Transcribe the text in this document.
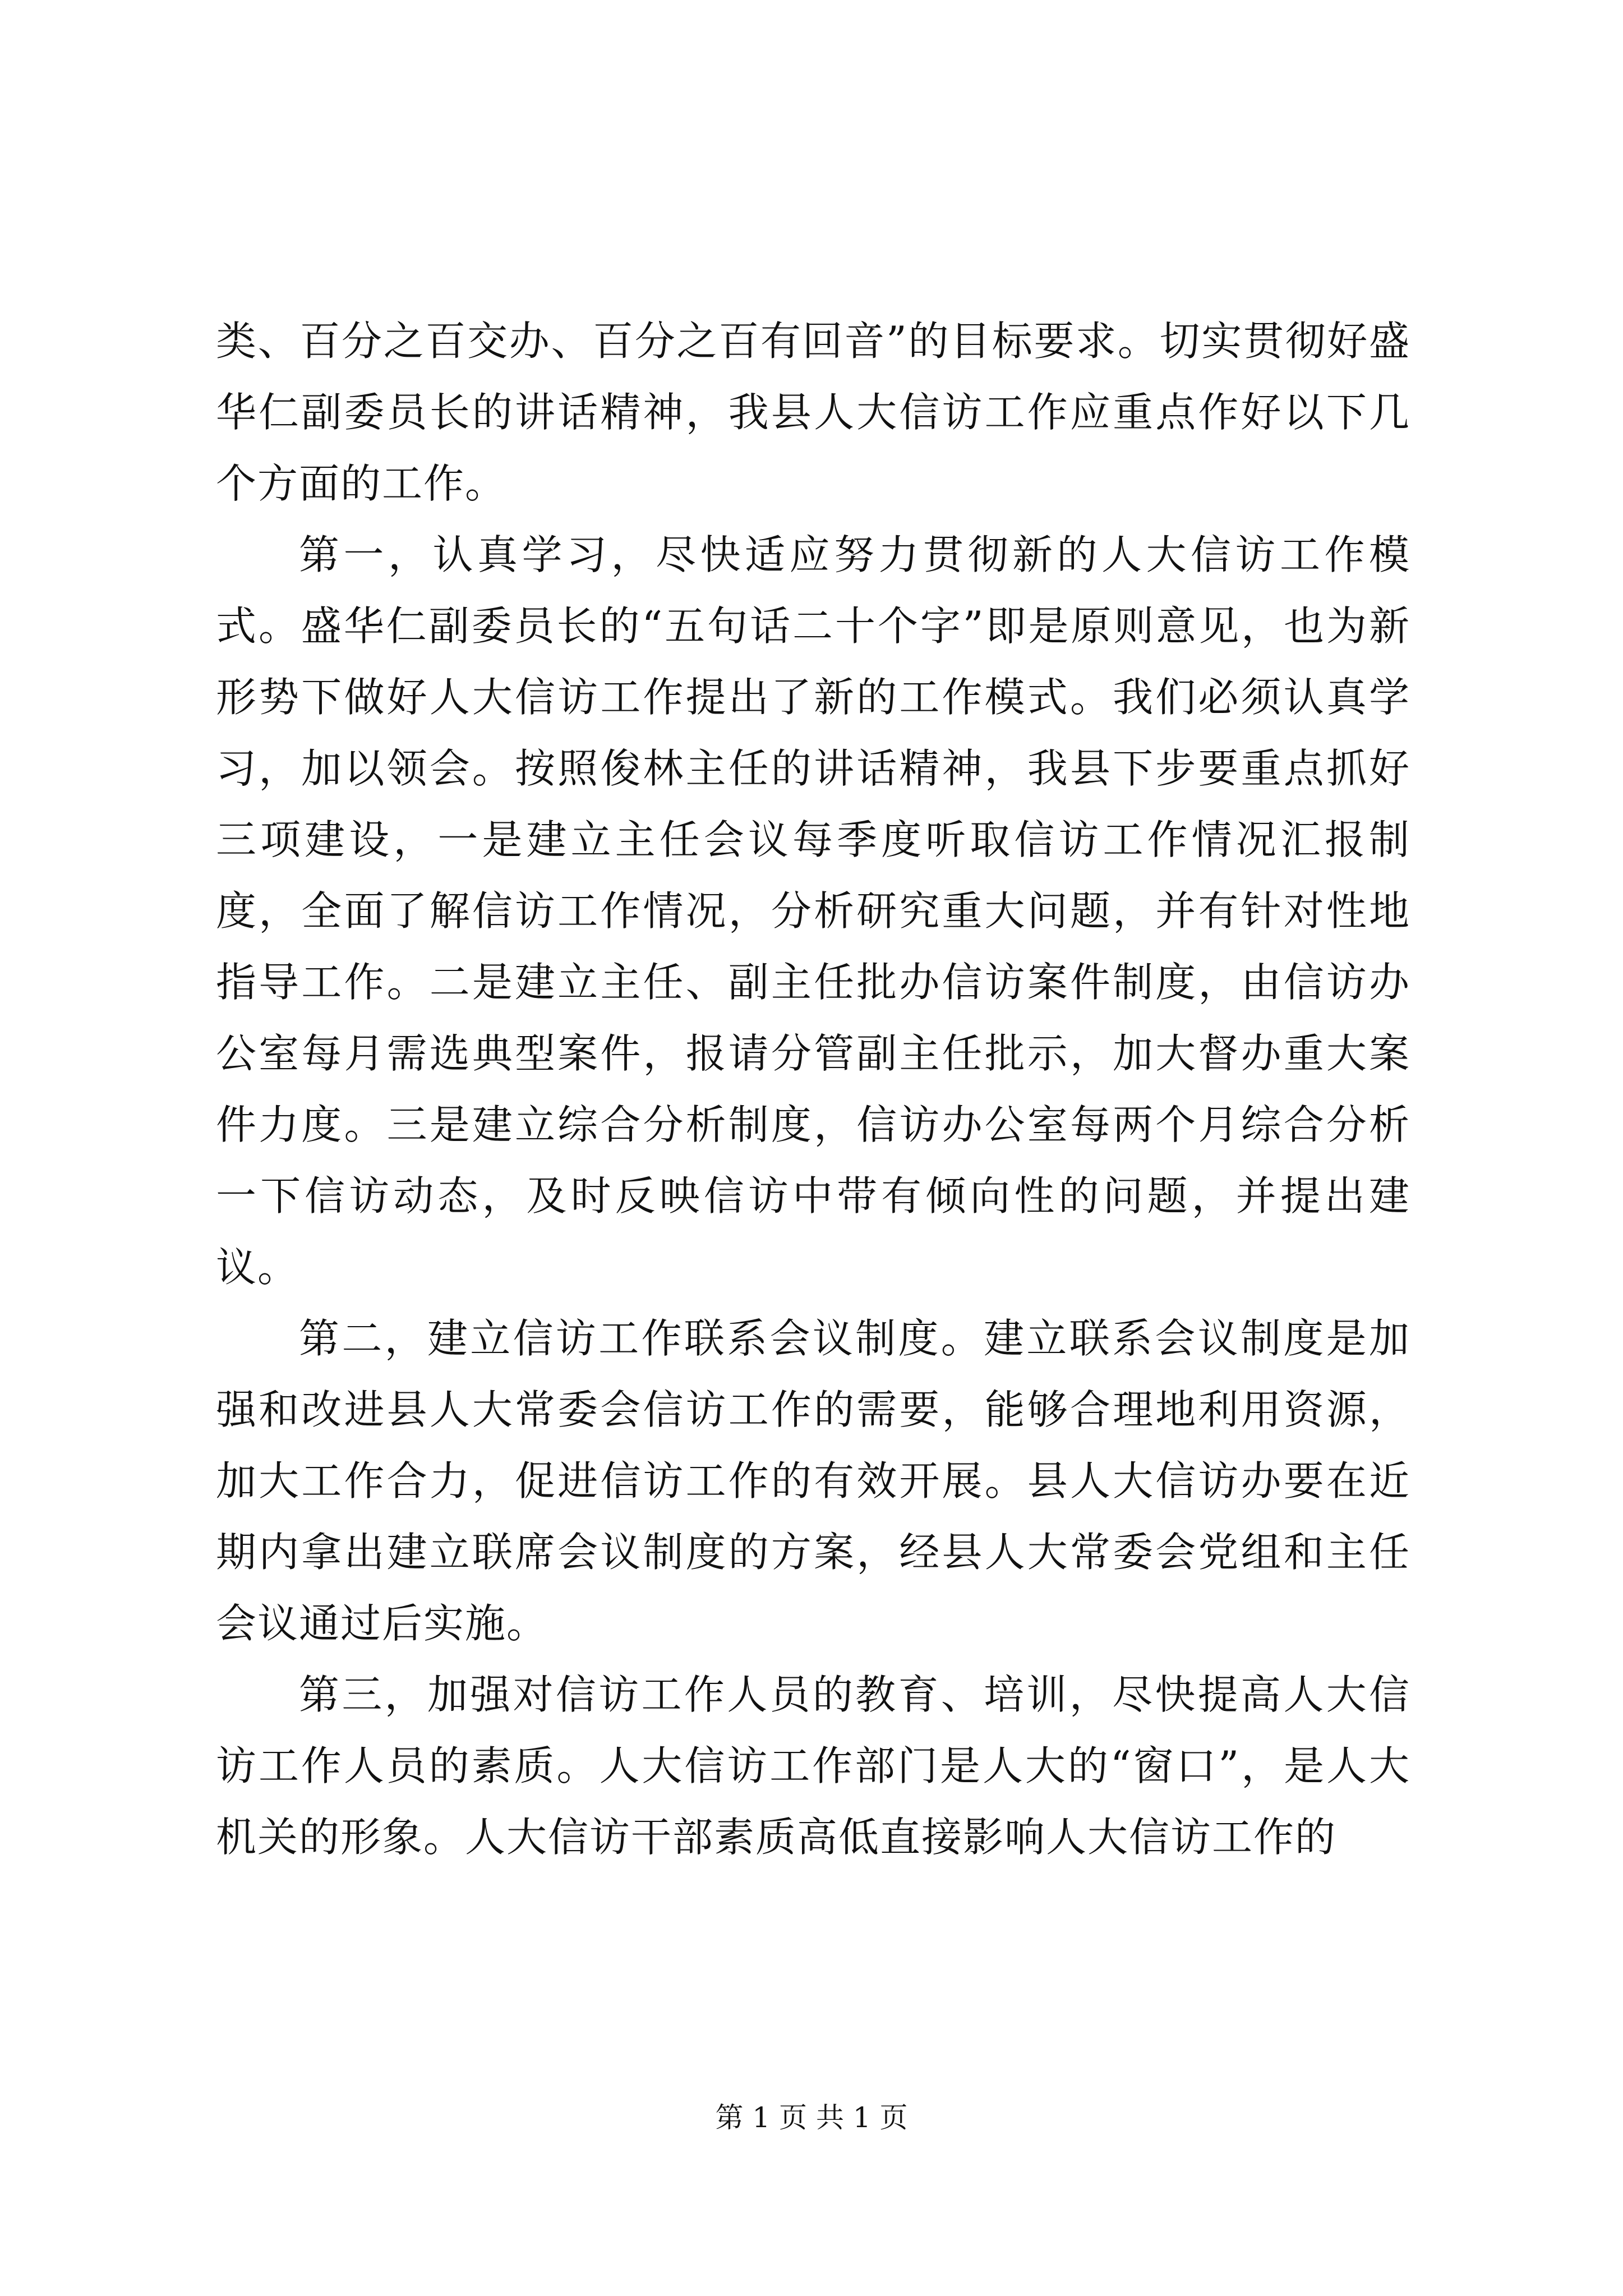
类、百分之百交办、百分之百有回音”的目标要求。切实贯彻好盛华仁副委员长的讲话精神，我县人大信访工作应重点作好以下几个方面的工作。

第一，认真学习，尽快适应努力贯彻新的人大信访工作模式。盛华仁副委员长的“五句话二十个字”即是原则意见，也为新形势下做好人大信访工作提出了新的工作模式。我们必须认真学习，加以领会。按照俊林主任的讲话精神，我县下步要重点抓好三项建设，一是建立主任会议每季度听取信访工作情况汇报制度，全面了解信访工作情况，分析研究重大问题，并有针对性地指导工作。二是建立主任、副主任批办信访案件制度，由信访办公室每月需选典型案件，报请分管副主任批示，加大督办重大案件力度。三是建立综合分析制度，信访办公室每两个月综合分析一下信访动态，及时反映信访中带有倾向性的问题，并提出建议。

第二，建立信访工作联系会议制度。建立联系会议制度是加强和改进县人大常委会信访工作的需要，能够合理地利用资源，加大工作合力，促进信访工作的有效开展。县人大信访办要在近期内拿出建立联席会议制度的方案，经县人大常委会党组和主任会议通过后实施。

第三，加强对信访工作人员的教育、培训，尽快提高人大信访工作人员的素质。人大信访工作部门是人大的“窗口”，是人大机关的形象。人大信访干部素质高低直接影响人大信访工作的

第 1 页 共 1 页
